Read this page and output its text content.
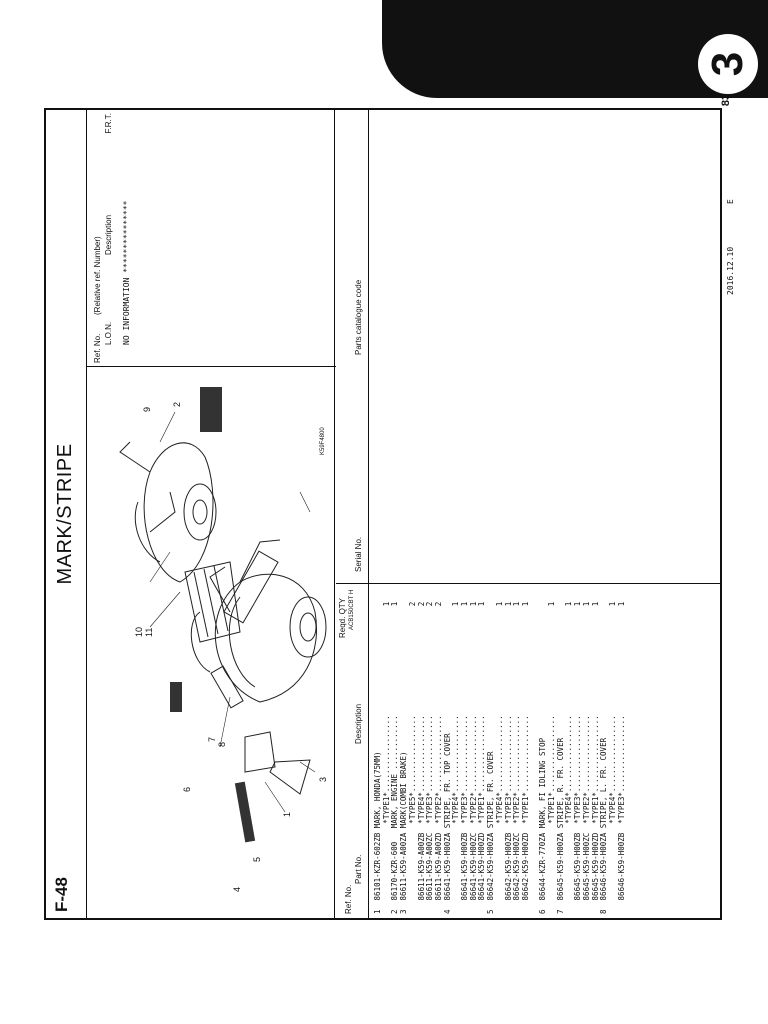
3
83
F-48
MARK/STRIPE
1
2
3
4
5
6
7
8
9
10 11
K59F4800
Ref. No.
(Relative ref. Number)
L.O.N.
Description
F.R.T.
NO INFORMATION ***************
Ref. No.
Part No.
Description
Reqd. QTY ACB150CBT H
Serial No.
Parts catalogue code
1  86101-KZR-602ZB MARK, HONDA(75MM) *TYPE1*................. 2  86170-KZR-600   MARK, ENGINE ............ 3  86611-K59-A00ZA MARK(COMBI BRAKE) *TYPE5*................. 86611-K59-A00ZB  *TYPE4*................. 86611-K59-A00ZC  *TYPE3*................. 86611-K59-A00ZD  *TYPE2*................. 4  86641-K59-H00ZA STRIPE, FR. TOP COVER *TYPE4*................. 86641-K59-H00ZB  *TYPE3*................. 86641-K59-H00ZC  *TYPE2*................. 86641-K59-H00ZD  *TYPE1*................. 5  86642-K59-H00ZA STRIPE, FR. COVER *TYPE4*................. 86642-K59-H00ZB  *TYPE3*................. 86642-K59-H00ZC  *TYPE2*................. 86642-K59-H00ZD  *TYPE1*.................
6  86644-KZR-770ZA MARK, FI IDLING STOP *TYPE1*................. 7  86645-K59-H00ZA STRIPE, R. FR. COVER *TYPE4*................. 86645-K59-H00ZB  *TYPE3*................. 86645-K59-H00ZC  *TYPE2*................. 86645-K59-H00ZD  *TYPE1*................. 8  86646-K59-H00ZA STRIPE, L. FR. COVER *TYPE4*................. 86646-K59-H00ZB  *TYPE3*.................

1 1
2 2 2 2
1 1 1 1
1 1 1 1

1
1 1 1 1
1 1
2016.12.10
E
